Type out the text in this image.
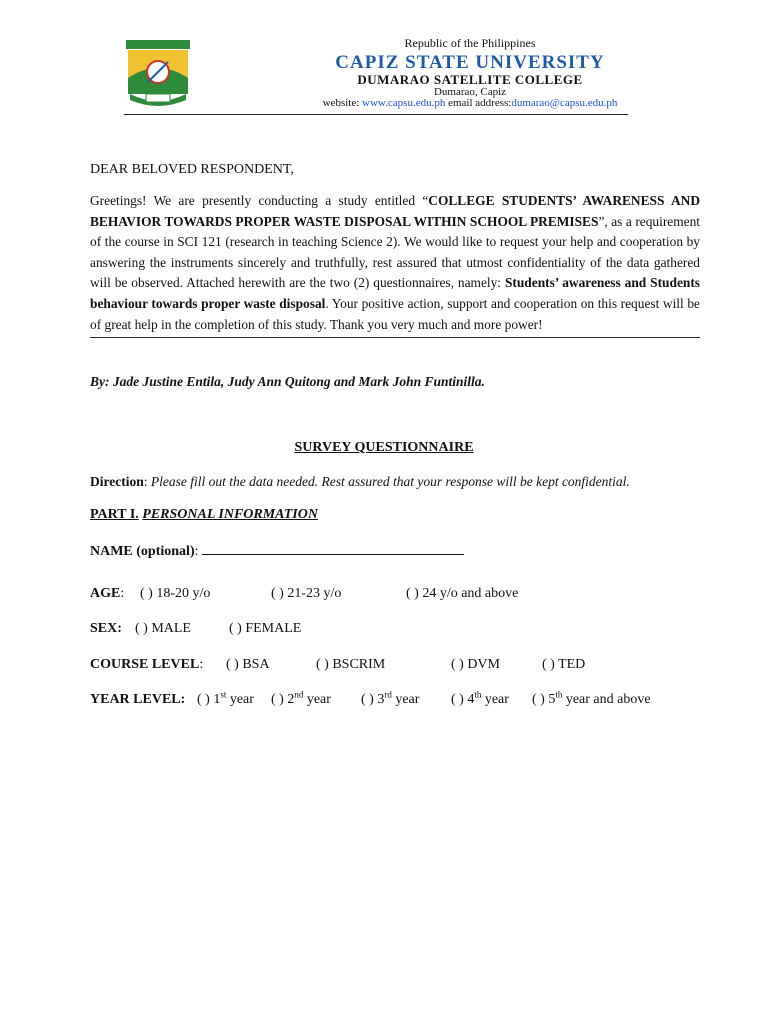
Republic of the Philippines
CAPIZ STATE UNIVERSITY
DUMARAO SATELLITE COLLEGE
Dumarao, Capiz
website: www.capsu.edu.ph email address:dumarao@capsu.edu.ph
DEAR BELOVED RESPONDENT,
Greetings! We are presently conducting a study entitled “COLLEGE STUDENTS’ AWARENESS AND BEHAVIOR TOWARDS PROPER WASTE DISPOSAL WITHIN SCHOOL PREMISES”, as a requirement of the course in SCI 121 (research in teaching Science 2). We would like to request your help and cooperation by answering the instruments sincerely and truthfully, rest assured that utmost confidentiality of the data gathered will be observed. Attached herewith are the two (2) questionnaires, namely: Students’ awareness and Students behaviour towards proper waste disposal. Your positive action, support and cooperation on this request will be of great help in the completion of this study. Thank you very much and more power!
By: Jade Justine Entila, Judy Ann Quitong and Mark John Funtinilla.
SURVEY QUESTIONNAIRE
Direction: Please fill out the data needed. Rest assured that your response will be kept confidential.
PART I. PERSONAL INFORMATION
NAME (optional):
AGE: ( ) 18-20 y/o	( ) 21-23 y/o	( ) 24 y/o and above
SEX: ( ) MALE	( ) FEMALE
COURSE LEVEL: ( ) BSA	( ) BSCRIM	( ) DVM	( ) TED
YEAR LEVEL: ( ) 1st year ( ) 2nd year ( ) 3rd year ( ) 4th year ( ) 5th year and above
